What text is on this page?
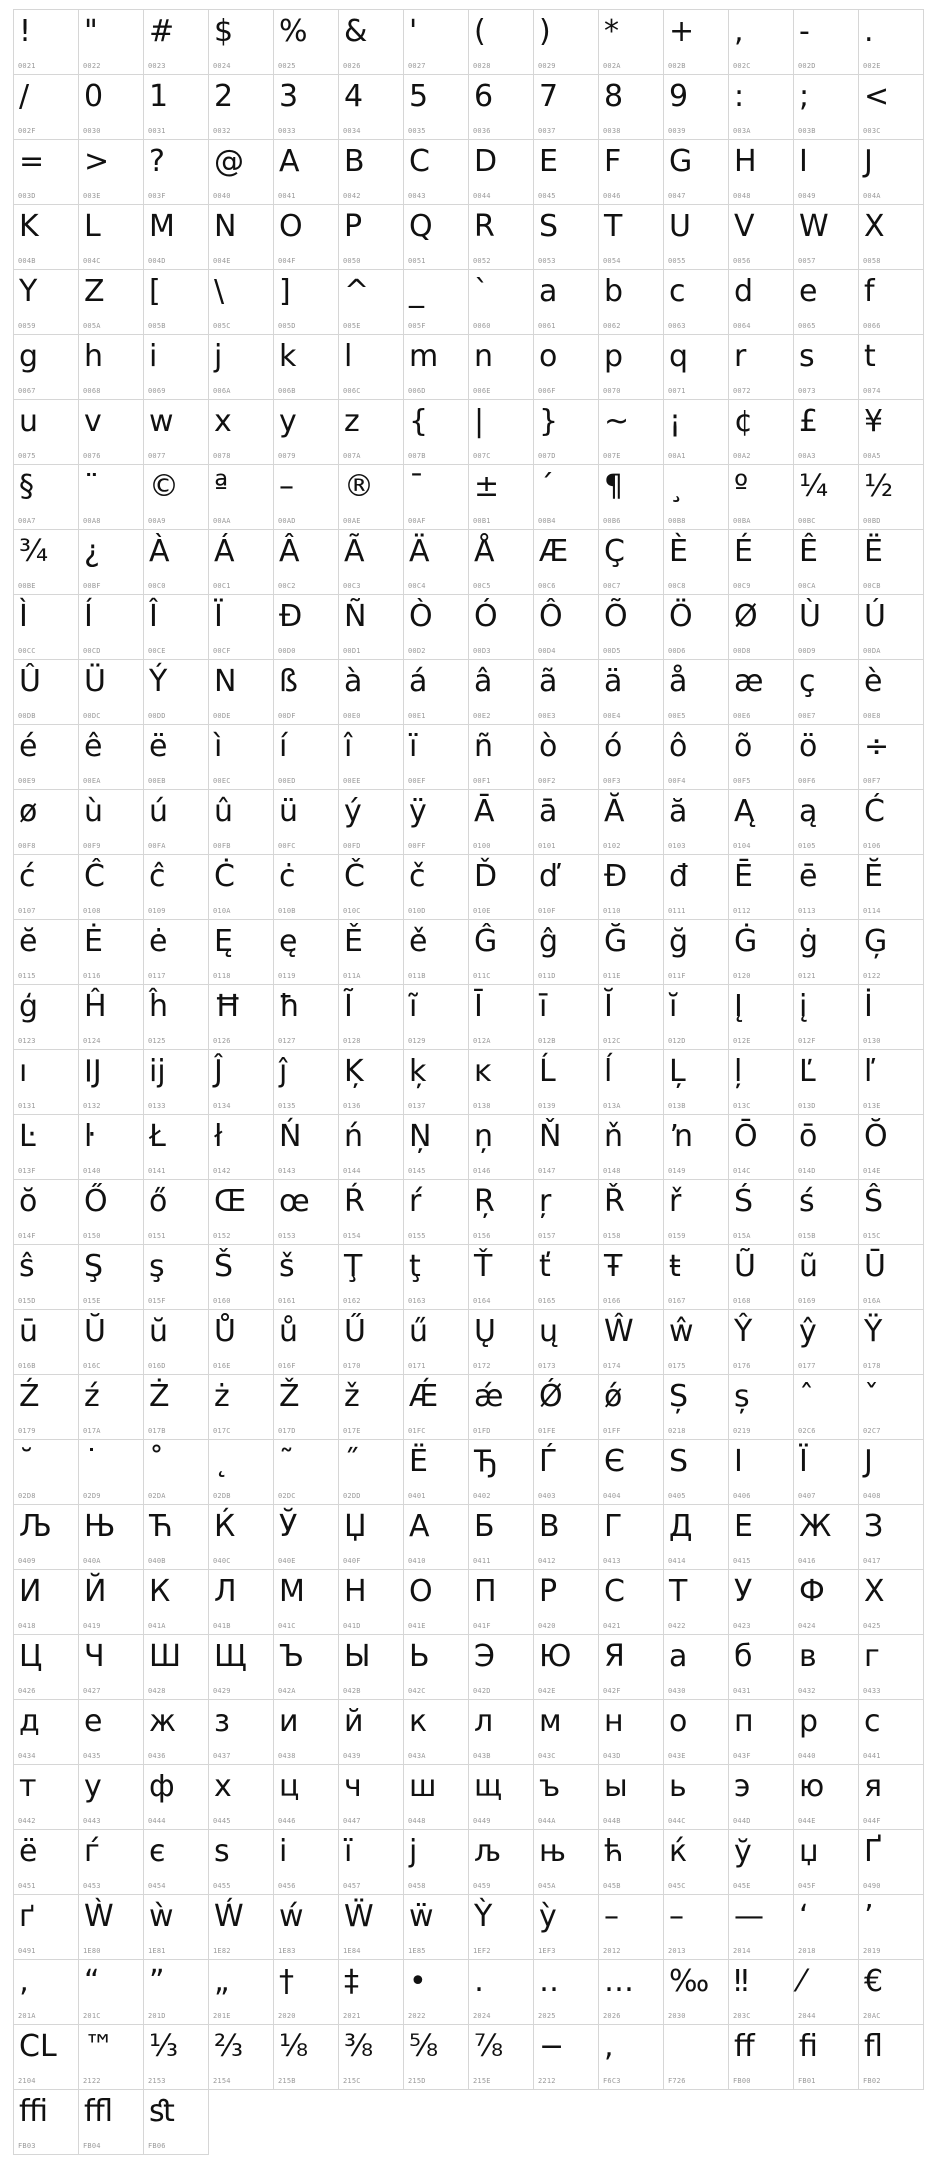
!
0021
"
0022
#
0023
$
0024
%
0025
&
0026
'
0027
(
0028
)
0029
*
002A
+
002B
,
002C
-
002D
.
002E
/
002F
0
0030
1
0031
2
0032
3
0033
4
0034
5
0035
6
0036
7
0037
8
0038
9
0039
:
003A
;
003B
<
003C
=
003D
>
003E
?
003F
@
0040
A
0041
B
0042
C
0043
D
0044
E
0045
F
0046
G
0047
H
0048
I
0049
J
004A
K
004B
L
004C
M
004D
N
004E
O
004F
P
0050
Q
0051
R
0052
S
0053
T
0054
U
0055
V
0056
W
0057
X
0058
Y
0059
Z
005A
[
005B
\
005C
]
005D
^
005E
_
005F
`
0060
a
0061
b
0062
c
0063
d
0064
e
0065
f
0066
g
0067
h
0068
i
0069
j
006A
k
006B
l
006C
m
006D
n
006E
o
006F
p
0070
q
0071
r
0072
s
0073
t
0074
u
0075
v
0076
w
0077
x
0078
y
0079
z
007A
{
007B
|
007C
}
007D
~
007E
¡
00A1
¢
00A2
£
00A3
¥
00A5
§
00A7
¨
00A8
©
00A9
ª
00AA
–
00AD
®
00AE
¯
00AF
±
00B1
´
00B4
¶
00B6
¸
00B8
º
00BA
¼
00BC
½
00BD
¾
00BE
¿
00BF
À
00C0
Á
00C1
Â
00C2
Ã
00C3
Ä
00C4
Å
00C5
Æ
00C6
Ç
00C7
È
00C8
É
00C9
Ê
00CA
Ë
00CB
Ì
00CC
Í
00CD
Î
00CE
Ï
00CF
Ð
00D0
Ñ
00D1
Ò
00D2
Ó
00D3
Ô
00D4
Õ
00D5
Ö
00D6
Ø
00D8
Ù
00D9
Ú
00DA
Û
00DB
Ü
00DC
Ý
00DD
N
00DE
ß
00DF
à
00E0
á
00E1
â
00E2
ã
00E3
ä
00E4
å
00E5
æ
00E6
ç
00E7
è
00E8
é
00E9
ê
00EA
ë
00EB
ì
00EC
í
00ED
î
00EE
ï
00EF
ñ
00F1
ò
00F2
ó
00F3
ô
00F4
õ
00F5
ö
00F6
÷
00F7
ø
00F8
ù
00F9
ú
00FA
û
00FB
ü
00FC
ý
00FD
ÿ
00FF
Ā
0100
ā
0101
Ă
0102
ă
0103
Ą
0104
ą
0105
Ć
0106
ć
0107
Ĉ
0108
ĉ
0109
Ċ
010A
ċ
010B
Č
010C
č
010D
Ď
010E
ď
010F
Đ
0110
đ
0111
Ē
0112
ē
0113
Ĕ
0114
ĕ
0115
Ė
0116
ė
0117
Ę
0118
ę
0119
Ě
011A
ě
011B
Ĝ
011C
ĝ
011D
Ğ
011E
ğ
011F
Ġ
0120
ġ
0121
Ģ
0122
ģ
0123
Ĥ
0124
ĥ
0125
Ħ
0126
ħ
0127
Ĩ
0128
ĩ
0129
Ī
012A
ī
012B
Ĭ
012C
ĭ
012D
Į
012E
į
012F
İ
0130
ı
0131
Ĳ
0132
ĳ
0133
Ĵ
0134
ĵ
0135
Ķ
0136
ķ
0137
ĸ
0138
Ĺ
0139
ĺ
013A
Ļ
013B
ļ
013C
Ľ
013D
ľ
013E
Ŀ
013F
ŀ
0140
Ł
0141
ł
0142
Ń
0143
ń
0144
Ņ
0145
ņ
0146
Ň
0147
ň
0148
ŉ
0149
Ō
014C
ō
014D
Ŏ
014E
ŏ
014F
Ő
0150
ő
0151
Œ
0152
œ
0153
Ŕ
0154
ŕ
0155
Ŗ
0156
ŗ
0157
Ř
0158
ř
0159
Ś
015A
ś
015B
Ŝ
015C
ŝ
015D
Ş
015E
ş
015F
Š
0160
š
0161
Ţ
0162
ţ
0163
Ť
0164
ť
0165
Ŧ
0166
ŧ
0167
Ũ
0168
ũ
0169
Ū
016A
ū
016B
Ŭ
016C
ŭ
016D
Ů
016E
ů
016F
Ű
0170
ű
0171
Ų
0172
ų
0173
Ŵ
0174
ŵ
0175
Ŷ
0176
ŷ
0177
Ÿ
0178
Ź
0179
ź
017A
Ż
017B
ż
017C
Ž
017D
ž
017E
Ǽ
01FC
ǽ
01FD
Ǿ
01FE
ǿ
01FF
Ș
0218
ș
0219
ˆ
02C6
ˇ
02C7
˘
02D8
˙
02D9
˚
02DA
˛
02DB
˜
02DC
˝
02DD
Ë
0401
Ђ
0402
Ѓ
0403
Є
0404
Ѕ
0405
І
0406
Ї
0407
Ј
0408
Љ
0409
Њ
040A
Ћ
040B
Ќ
040C
Ў
040E
Џ
040F
А
0410
Б
0411
В
0412
Г
0413
Д
0414
Е
0415
Ж
0416
З
0417
И
0418
Й
0419
К
041A
Л
041B
М
041C
Н
041D
О
041E
П
041F
Р
0420
С
0421
Т
0422
У
0423
Ф
0424
Х
0425
Ц
0426
Ч
0427
Ш
0428
Щ
0429
Ъ
042A
Ы
042B
Ь
042C
Э
042D
Ю
042E
Я
042F
а
0430
б
0431
в
0432
г
0433
д
0434
е
0435
ж
0436
з
0437
и
0438
й
0439
к
043A
л
043B
м
043C
н
043D
о
043E
п
043F
р
0440
с
0441
т
0442
у
0443
ф
0444
х
0445
ц
0446
ч
0447
ш
0448
щ
0449
ъ
044A
ы
044B
ь
044C
э
044D
ю
044E
я
044F
ё
0451
ѓ
0453
є
0454
ѕ
0455
і
0456
ї
0457
ј
0458
љ
0459
њ
045A
ћ
045B
ќ
045C
ў
045E
џ
045F
Ґ
0490
ґ
0491
Ẁ
1E80
ẁ
1E81
Ẃ
1E82
ẃ
1E83
Ẅ
1E84
ẅ
1E85
Ỳ
1EF2
ỳ
1EF3
–
2012
–
2013
—
2014
‘
2018
’
2019
‚
201A
“
201C
”
201D
„
201E
†
2020
‡
2021
•
2022
․
2024
‥
2025
…
2026
‰
2030
‼
203C
⁄
2044
€
20AC
CL
2104
™
2122
⅓
2153
⅔
2154
⅛
215B
⅜
215C
⅝
215D
⅞
215E
−
2212
,
F6C3	F726
ﬀ
FB00
ﬁ
FB01
ﬂ
FB02
ﬃ
FB03
ﬄ
FB04
ﬆ
FB06
